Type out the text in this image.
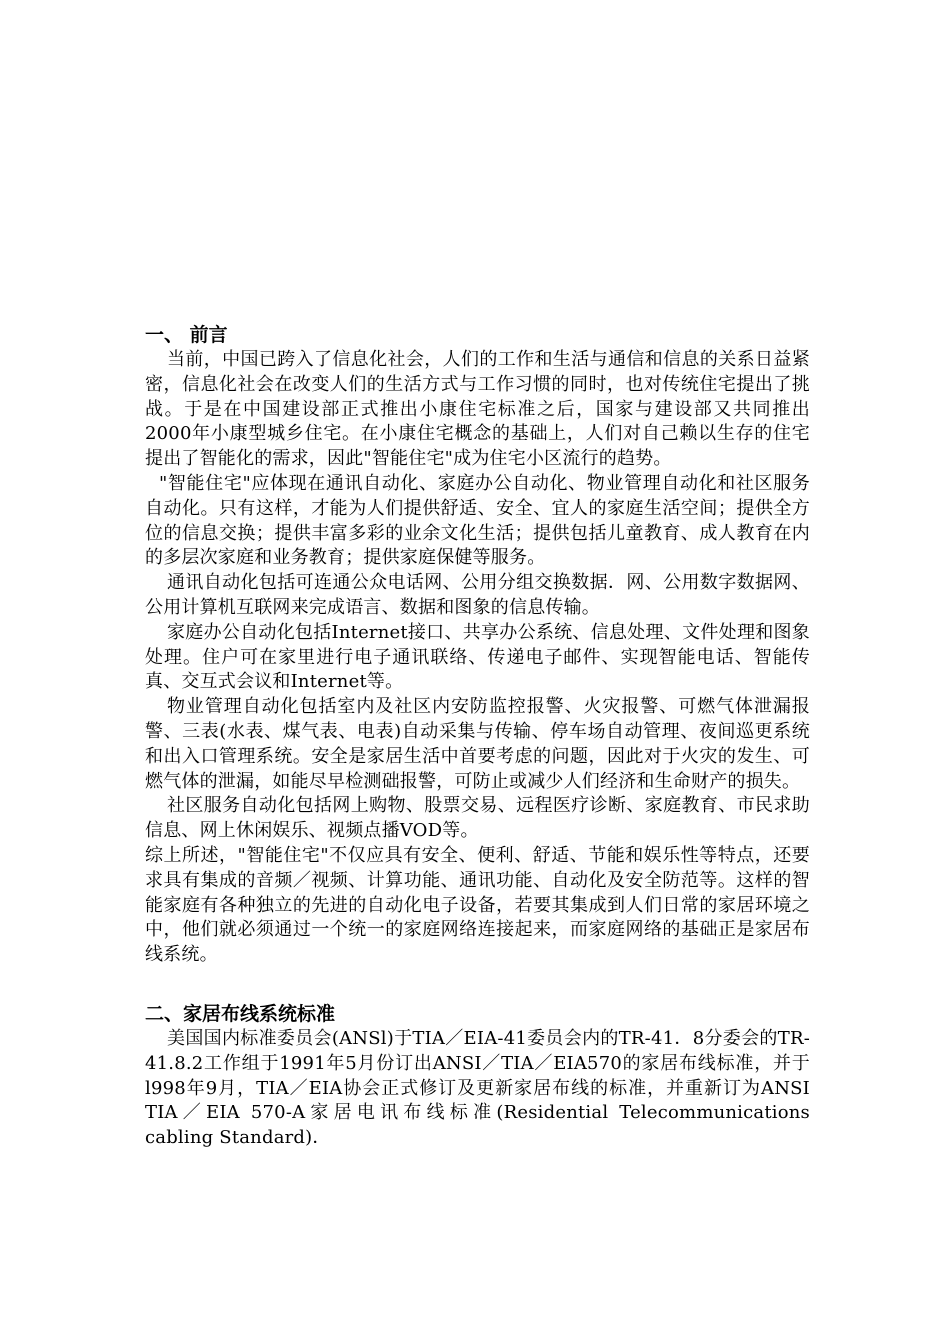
一、 前言

当前，中国已跨入了信息化社会，人们的工作和生活与通信和信息的关系日益紧密，信息化社会在改变人们的生活方式与工作习惯的同时，也对传统住宅提出了挑战。于是在中国建设部正式推出小康住宅标准之后，国家与建设部又共同推出2000年小康型城乡住宅。在小康住宅概念的基础上，人们对自己赖以生存的住宅提出了智能化的需求，因此"智能住宅"成为住宅小区流行的趋势。

"智能住宅"应体现在通讯自动化、家庭办公自动化、物业管理自动化和社区服务自动化。只有这样，才能为人们提供舒适、安全、宜人的家庭生活空间；提供全方位的信息交换；提供丰富多彩的业余文化生活；提供包括儿童教育、成人教育在内的多层次家庭和业务教育；提供家庭保健等服务。

通讯自动化包括可连通公众电话网、公用分组交换数据．网、公用数字数据网、公用计算机互联网来完成语言、数据和图象的信息传输。

家庭办公自动化包括Internet接口、共享办公系统、信息处理、文件处理和图象处理。住户可在家里进行电子通讯联络、传递电子邮件、实现智能电话、智能传真、交互式会议和Internet等。

物业管理自动化包括室内及社区内安防监控报警、火灾报警、可燃气体泄漏报警、三表(水表、煤气表、电表)自动采集与传输、停车场自动管理、夜间巡更系统和出入口管理系统。安全是家居生活中首要考虑的问题，因此对于火灾的发生、可燃气体的泄漏，如能尽早检测础报警，可防止或减少人们经济和生命财产的损失。

社区服务自动化包括网上购物、股票交易、远程医疗诊断、家庭教育、市民求助信息、网上休闲娱乐、视频点播VOD等。

综上所述，"智能住宅"不仅应具有安全、便利、舒适、节能和娱乐性等特点，还要求具有集成的音频／视频、计算功能、通讯功能、自动化及安全防范等。这样的智能家庭有各种独立的先进的自动化电子设备，若要其集成到人们日常的家居环境之中，他们就必须通过一个统一的家庭网络连接起来，而家庭网络的基础正是家居布线系统。

二、家居布线系统标准

美国国内标准委员会(ANSl)于TIA／EIA-41委员会内的TR-41．8分委会的TR-41.8.2工作组于1991年5月份订出ANSI／TIA／EIA570的家居布线标准，并于l998年9月，TIA／EIA协会正式修订及更新家居布线的标准，并重新订为ANSI TIA／EIA 570-A家居电讯布线标准(Residential Telecommunications cabling Standard)．
